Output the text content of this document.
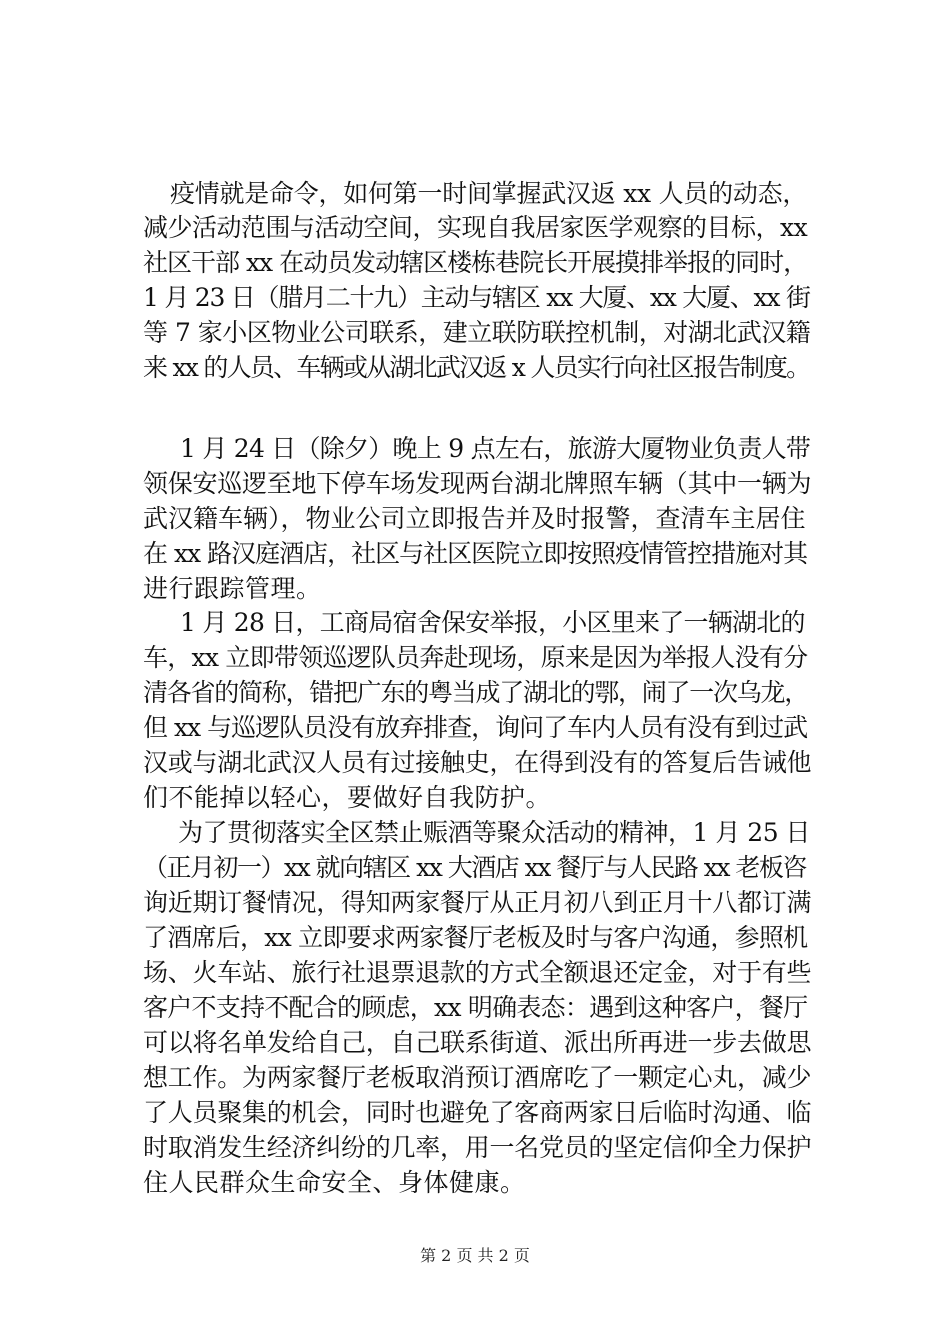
疫情就是命令，如何第一时间掌握武汉返 xx 人员的动态，
减少活动范围与活动空间，实现自我居家医学观察的目标，xx
社区干部 xx 在动员发动辖区楼栋巷院长开展摸排举报的同时，
1 月 23 日（腊月二十九）主动与辖区 xx 大厦、xx 大厦、xx 街
等 7 家小区物业公司联系，建立联防联控机制，对湖北武汉籍
来 xx 的人员、车辆或从湖北武汉返 x 人员实行向社区报告制度。
1 月 24 日（除夕）晚上 9 点左右，旅游大厦物业负责人带
领保安巡逻至地下停车场发现两台湖北牌照车辆（其中一辆为
武汉籍车辆），物业公司立即报告并及时报警，查清车主居住
在 xx 路汉庭酒店，社区与社区医院立即按照疫情管控措施对其
进行跟踪管理。
1 月 28 日，工商局宿舍保安举报，小区里来了一辆湖北的
车，xx 立即带领巡逻队员奔赴现场，原来是因为举报人没有分
清各省的简称，错把广东的粤当成了湖北的鄂，闹了一次乌龙，
但 xx 与巡逻队员没有放弃排查，询问了车内人员有没有到过武
汉或与湖北武汉人员有过接触史，在得到没有的答复后告诫他
们不能掉以轻心，要做好自我防护。
为了贯彻落实全区禁止赈酒等聚众活动的精神，1 月 25 日
（正月初一）xx 就向辖区 xx 大酒店 xx 餐厅与人民路 xx 老板咨
询近期订餐情况，得知两家餐厅从正月初八到正月十八都订满
了酒席后，xx 立即要求两家餐厅老板及时与客户沟通，参照机
场、火车站、旅行社退票退款的方式全额退还定金，对于有些
客户不支持不配合的顾虑，xx 明确表态：遇到这种客户，餐厅
可以将名单发给自己，自己联系街道、派出所再进一步去做思
想工作。为两家餐厅老板取消预订酒席吃了一颗定心丸，减少
了人员聚集的机会，同时也避免了客商两家日后临时沟通、临
时取消发生经济纠纷的几率，用一名党员的坚定信仰全力保护
住人民群众生命安全、身体健康。
第 2 页 共 2 页
